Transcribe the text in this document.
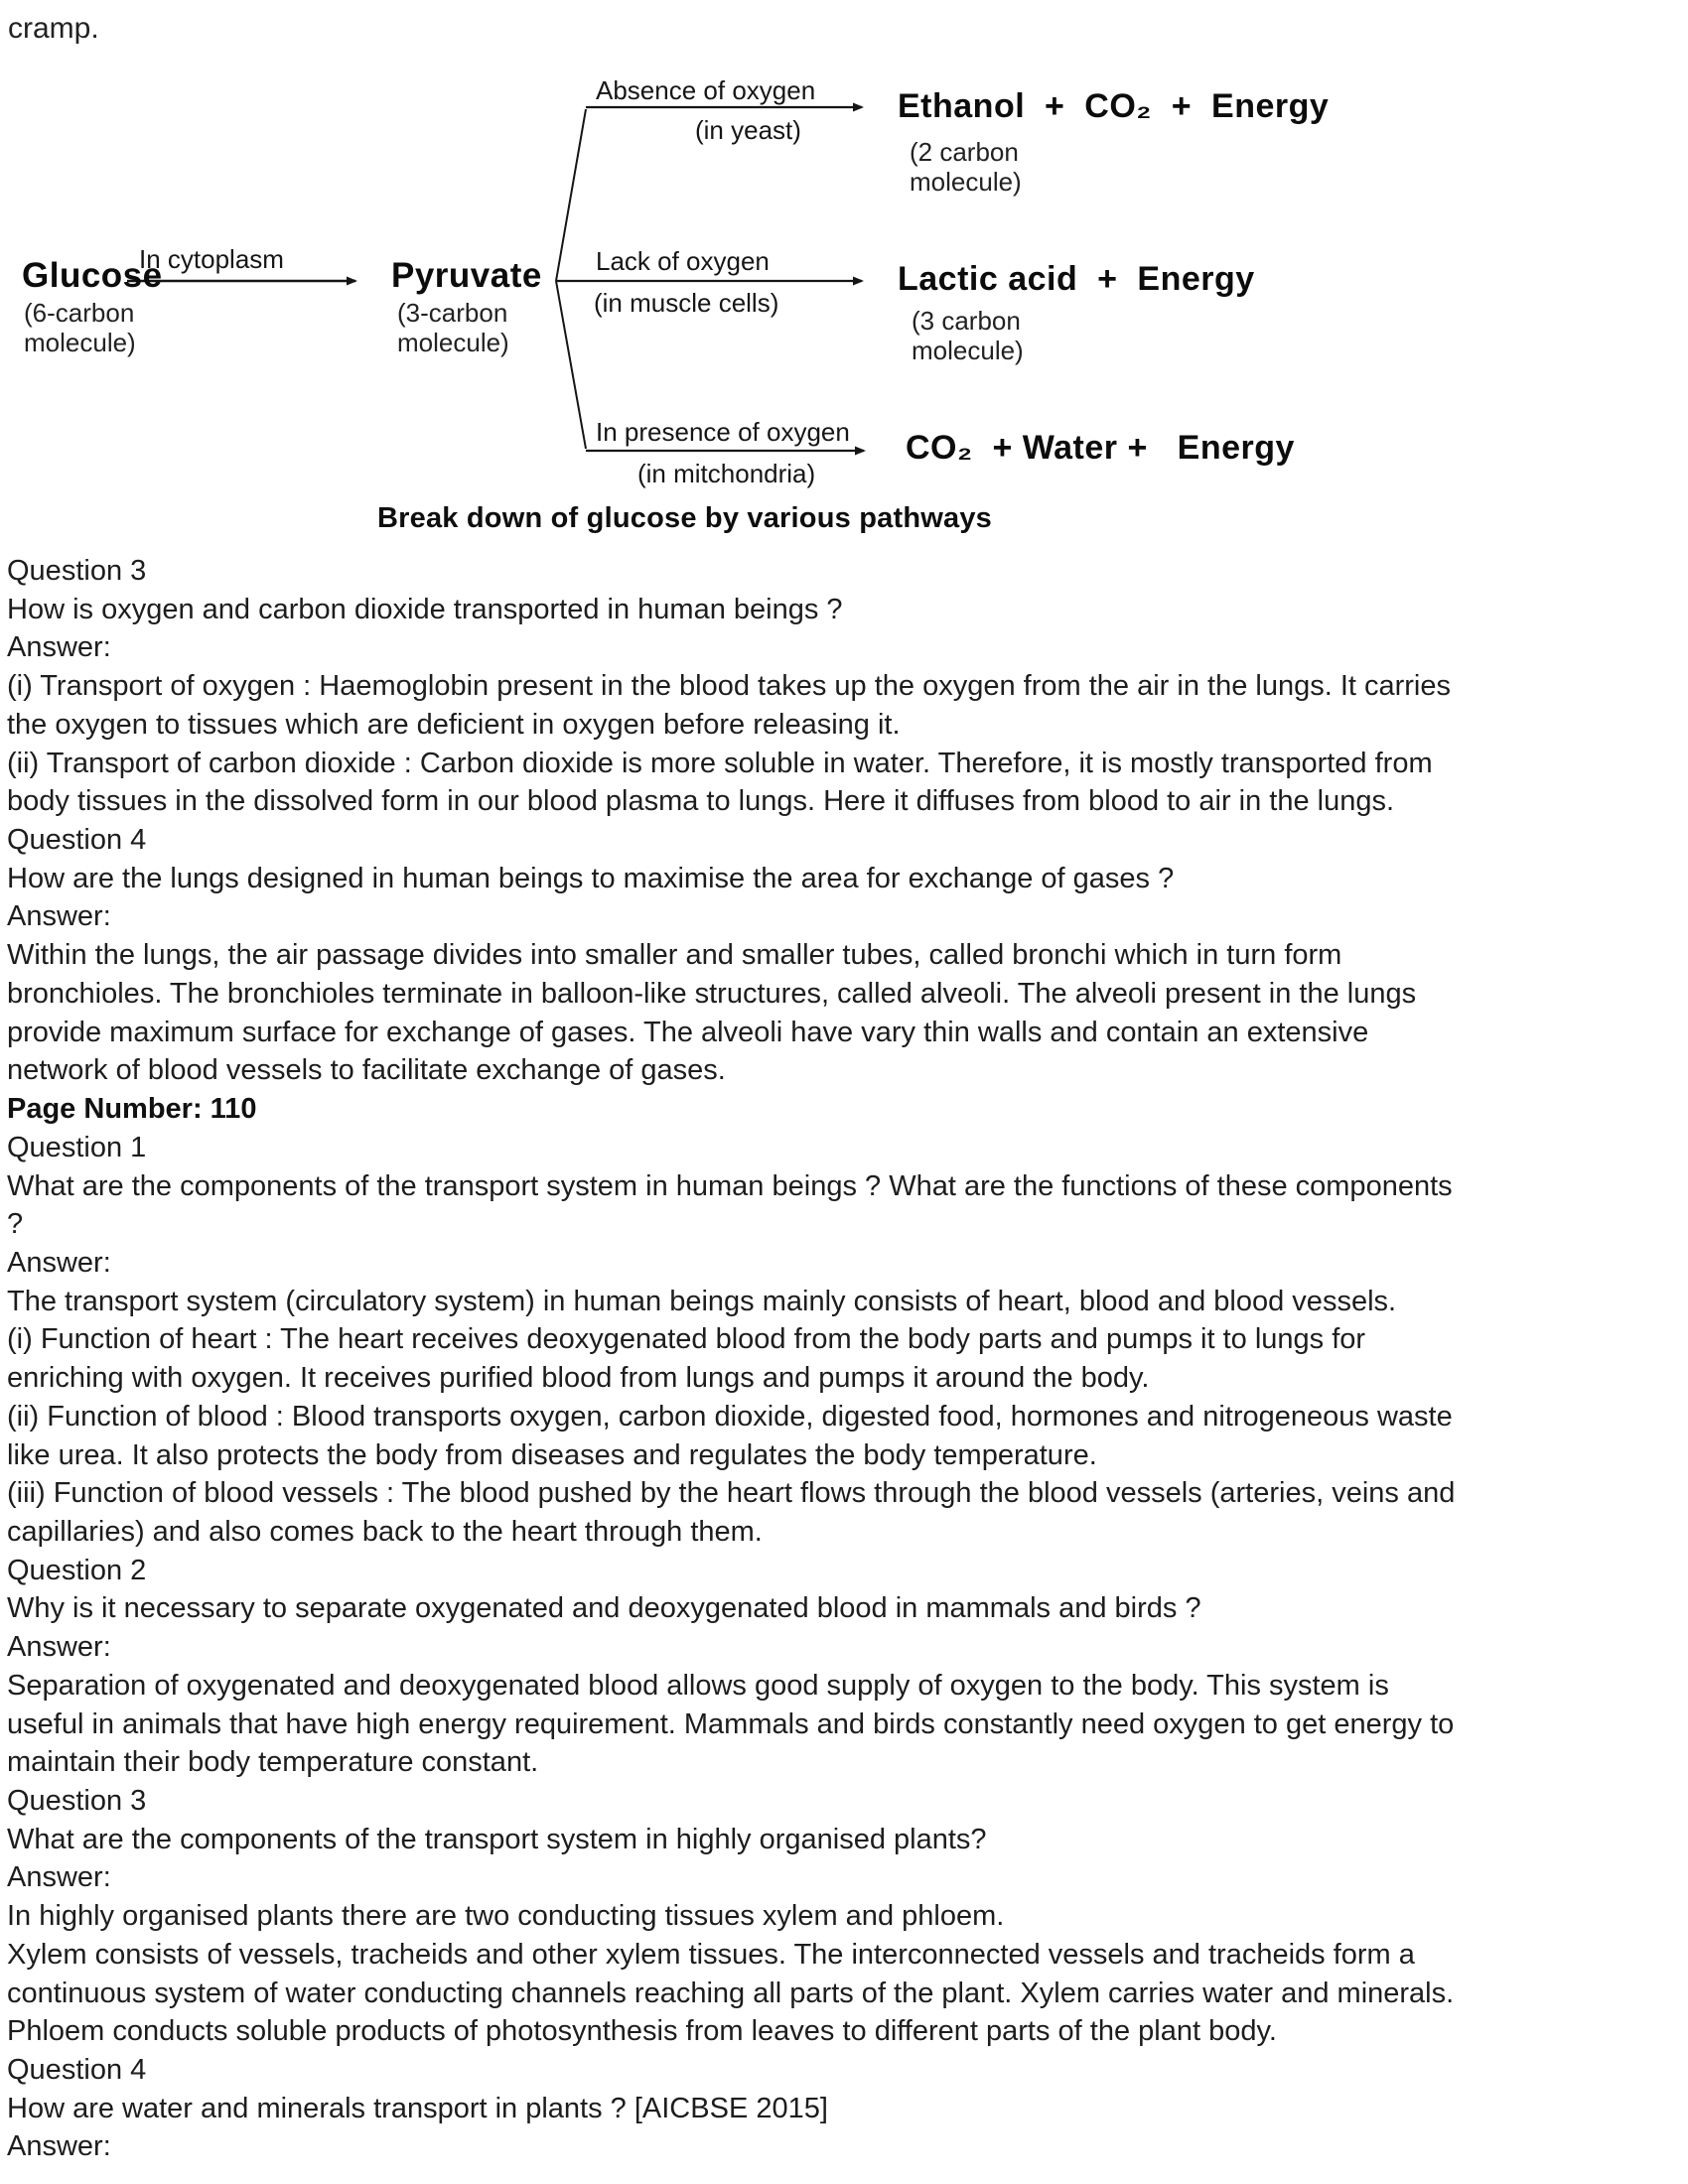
cramp.
Glucose
(6-carbon
molecule)
In cytoplasm	Pyruvate
(3-carbon
molecule)
Absence of oxygen
(in yeast)
Ethanol  +  CO₂  +  Energy
(2 carbon
molecule)
Lack of oxygen
(in muscle cells)
Lactic acid  +  Energy
(3 carbon
molecule)
In presence of oxygen
(in mitchondria)
CO₂  + Water +   Energy
Break down of glucose by various pathways
Question 3
How is oxygen and carbon dioxide transported in human beings ?
Answer:
(i) Transport of oxygen : Haemoglobin present in the blood takes up the oxygen from the air in the lungs. It carries
the oxygen to tissues which are deficient in oxygen before releasing it.
(ii) Transport of carbon dioxide : Carbon dioxide is more soluble in water. Therefore, it is mostly transported from
body tissues in the dissolved form in our blood plasma to lungs. Here it diffuses from blood to air in the lungs.
Question 4
How are the lungs designed in human beings to maximise the area for exchange of gases ?
Answer:
Within the lungs, the air passage divides into smaller and smaller tubes, called bronchi which in turn form
bronchioles. The bronchioles terminate in balloon-like structures, called alveoli. The alveoli present in the lungs
provide maximum surface for exchange of gases. The alveoli have vary thin walls and contain an extensive
network of blood vessels to facilitate exchange of gases.
Page Number: 110
Question 1
What are the components of the transport system in human beings ? What are the functions of these components
?
Answer:
The transport system (circulatory system) in human beings mainly consists of heart, blood and blood vessels.
(i) Function of heart : The heart receives deoxygenated blood from the body parts and pumps it to lungs for
enriching with oxygen. It receives purified blood from lungs and pumps it around the body.
(ii) Function of blood : Blood transports oxygen, carbon dioxide, digested food, hormones and nitrogeneous waste
like urea. It also protects the body from diseases and regulates the body temperature.
(iii) Function of blood vessels : The blood pushed by the heart flows through the blood vessels (arteries, veins and
capillaries) and also comes back to the heart through them.
Question 2
Why is it necessary to separate oxygenated and deoxygenated blood in mammals and birds ?
Answer:
Separation of oxygenated and deoxygenated blood allows good supply of oxygen to the body. This system is
useful in animals that have high energy requirement. Mammals and birds constantly need oxygen to get energy to
maintain their body temperature constant.
Question 3
What are the components of the transport system in highly organised plants?
Answer:
In highly organised plants there are two conducting tissues xylem and phloem.
Xylem consists of vessels, tracheids and other xylem tissues. The interconnected vessels and tracheids form a
continuous system of water conducting channels reaching all parts of the plant. Xylem carries water and minerals.
Phloem conducts soluble products of photosynthesis from leaves to different parts of the plant body.
Question 4
How are water and minerals transport in plants ? [AICBSE 2015]
Answer:
